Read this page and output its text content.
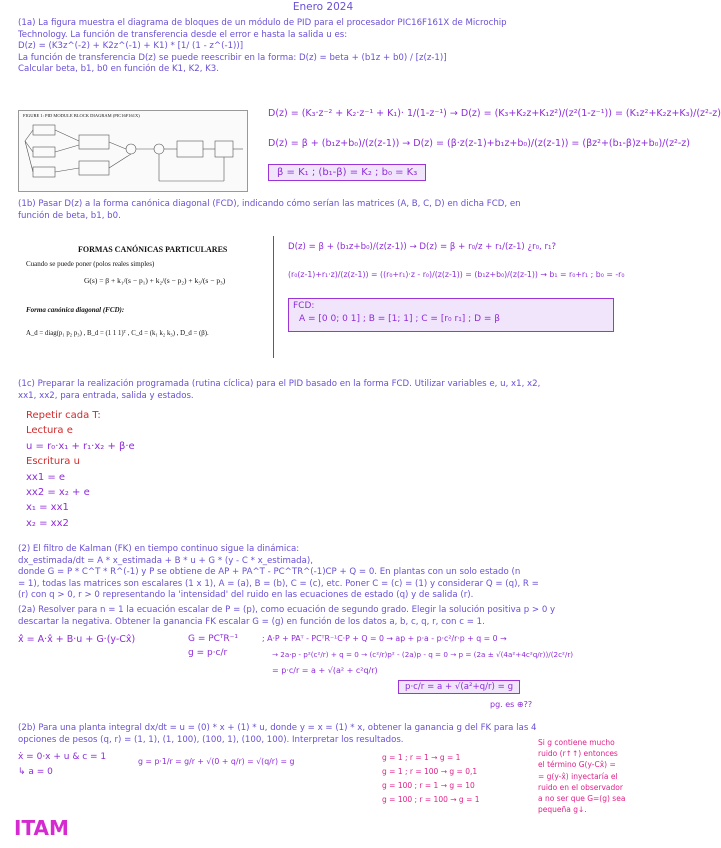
Enero 2024
(1a) La figura muestra el diagrama de bloques de un módulo de PID para el procesador PIC16F161X de Microchip
Technology. La función de transferencia desde el error e hasta la salida u es:
D(z) = (K3z^(-2) + K2z^(-1) + K1) * [1/ (1 - z^(-1))]
La función de transferencia D(z) se puede reescribir en la forma: D(z) = beta + (b1z + b0) / [z(z-1)]
Calcular beta, b1, b0 en función de K1, K2, K3.
FIGURE 1: PID MODULE BLOCK DIAGRAM (PIC16F161X)	D(z) = (K₃·z⁻² + K₂·z⁻¹ + K₁)· 1/(1-z⁻¹) → D(z) = (K₃+K₂z+K₁z²)/(z²(1-z⁻¹)) = (K₁z²+K₂z+K₃)/(z²-z)
D(z) = β + (b₁z+b₀)/(z(z-1)) → D(z) = (β·z(z-1)+b₁z+b₀)/(z(z-1)) = (βz²+(b₁-β)z+b₀)/(z²-z)
β = K₁ ; (b₁-β) = K₂ ; b₀ = K₃
(1b) Pasar D(z) a la forma canónica diagonal (FCD), indicando cómo serían las matrices (A, B, C, D) en dicha FCD, en
función de beta, b1, b0.
FORMAS CANÓNICAS PARTICULARES
Cuando se puede poner (polos reales simples)
G(s) = β + k₁/(s − p₁) + k₂/(s − p₂) + k₃/(s − p₃)
Forma canónica diagonal (FCD):
A_d = diag(p₁ p₂ p₃) , B_d = (1 1 1)ᵀ , C_d = (k₁ k₂ k₃) , D_d = (β).
D(z) = β + (b₁z+b₀)/(z(z-1)) → D(z) = β + r₀/z + r₁/(z-1) ¿r₀, r₁?
(r₀(z-1)+r₁·z)/(z(z-1)) = ((r₀+r₁)·z - r₀)/(z(z-1)) = (b₁z+b₀)/(z(z-1)) → b₁ = r₀+r₁ ; b₀ = -r₀
FCD:
A = [0 0; 0 1] ; B = [1; 1] ; C = [r₀ r₁] ; D = β
(1c) Preparar la realización programada (rutina cíclica) para el PID basado en la forma FCD. Utilizar variables e, u, x1, x2,
xx1, xx2, para entrada, salida y estados.
Repetir cada T:
Lectura e
u = r₀·x₁ + r₁·x₂ + β·e
Escritura u
xx1 = e
xx2 = x₂ + e
x₁ = xx1
x₂ = xx2
(2) El filtro de Kalman (FK) en tiempo continuo sigue la dinámica:
dx_estimada/dt = A * x_estimada + B * u + G * (y - C * x_estimada),
donde G = P * C^T * R^(-1) y P se obtiene de AP + PA^T - PC^TR^(-1)CP + Q = 0. En plantas con un solo estado (n
= 1), todas las matrices son escalares (1 x 1), A = (a), B = (b), C = (c), etc. Poner C = (c) = (1) y considerar Q = (q), R =
(r) con q > 0, r > 0 representando la 'intensidad' del ruido en las ecuaciones de estado (q) y de salida (r).
(2a) Resolver para n = 1 la ecuación escalar de P = (p), como ecuación de segundo grado. Elegir la solución positiva p > 0 y
descartar la negativa. Obtener la ganancia FK escalar G = (g) en función de los datos a, b, c, q, r, con c = 1.
ẋ̂ = A·x̂ + B·u + G·(y-Cx̂)	G = PCᵀR⁻¹
g = p·c/r
; A·P + PAᵀ - PCᵀR⁻¹C·P + Q = 0 → ap + p·a - p·c²/r·p + q = 0 →
→ 2a·p - p²(c²/r) + q = 0 → (c²/r)p² - (2a)p - q = 0 → p = (2a ± √(4a²+4c²q/r))/(2c²/r)
= p·c/r = a + √(a² + c²q/r)
p·c/r = a + √(a²+q/r) = g
pg. es ⊕??
(2b) Para una planta integral dx/dt = u = (0) * x + (1) * u, donde y = x = (1) * x, obtener la ganancia g del FK para las 4
opciones de pesos (q, r) = (1, 1), (1, 100), (100, 1), (100, 100). Interpretar los resultados.
ẋ = 0·x + u & c = 1
↳ a = 0
g = p·1/r = g/r + √(0 + q/r) = √(q/r) = g	g = 1 ; r = 1 → g = 1
g = 1 ; r = 100 → g = 0,1
g = 100 ; r = 1 → g = 10
g = 100 ; r = 100 → g = 1
Si g contiene mucho
ruido (r↑↑) entonces
el término G(y-Cx̂) =
= g(y-x̂) inyectaría el
ruido en el observador
a no ser que G=(g) sea
pequeña g↓.
ITAM
